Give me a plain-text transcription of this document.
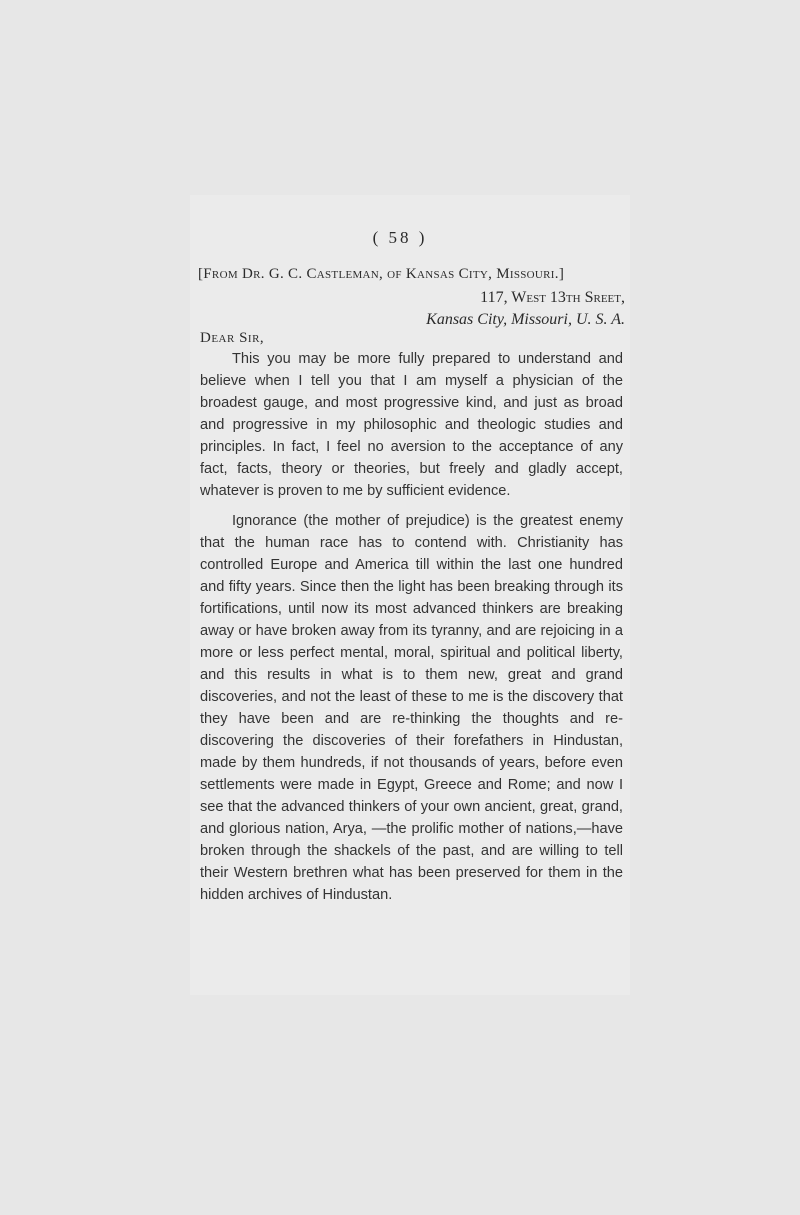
( 58 )
[From Dr. G. C. Castleman, of Kansas City, Missouri.]
117, West 13th Sreet,
Kansas City, Missouri, U. S. A.
Dear Sir,

This you may be more fully prepared to understand and believe when I tell you that I am myself a physician of the broadest gauge, and most progressive kind, and just as broad and progressive in my philosophic and theologic studies and principles. In fact, I feel no aversion to the acceptance of any fact, facts, theory or theories, but freely and gladly accept, whatever is proven to me by sufficient evidence.

Ignorance (the mother of prejudice) is the greatest enemy that the human race has to contend with. Christianity has controlled Europe and America till within the last one hundred and fifty years. Since then the light has been breaking through its fortifications, until now its most advanced thinkers are breaking away or have broken away from its tyranny, and are rejoicing in a more or less perfect mental, moral, spiritual and political liberty, and this results in what is to them new, great and grand discoveries, and not the least of these to me is the discovery that they have been and are re-thinking the thoughts and re-discovering the discoveries of their forefathers in Hindustan, made by them hundreds, if not thousands of years, before even settlements were made in Egypt, Greece and Rome; and now I see that the advanced thinkers of your own ancient, great, grand, and glorious nation, Arya, —the prolific mother of nations,—have broken through the shackels of the past, and are willing to tell their Western brethren what has been preserved for them in the hidden archives of Hindustan.
